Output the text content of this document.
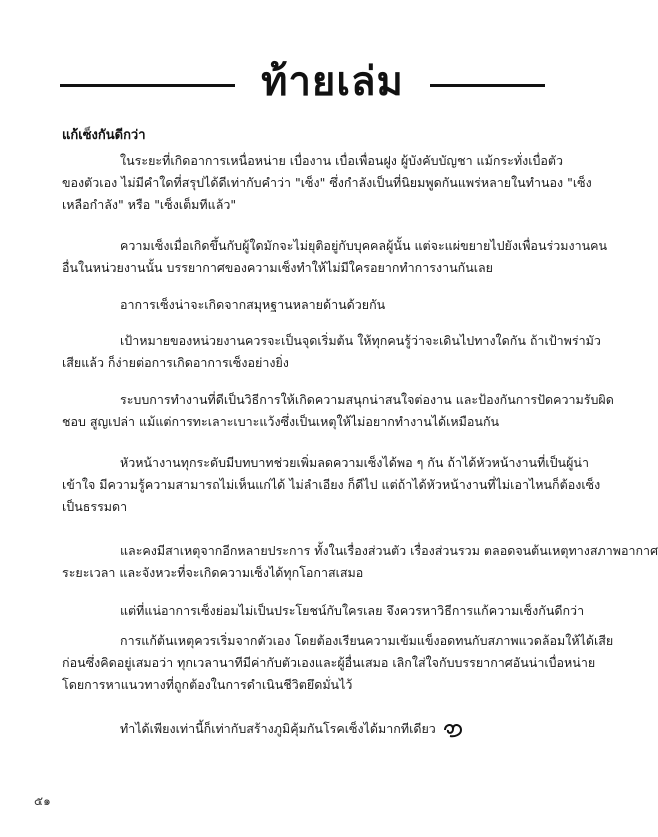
ท้ายเล่ม
แก้เซ็งกันดีกว่า
ในระยะที่เกิดอาการเหนื่อหน่าย เบื่องาน เบื่อเพื่อนฝูง ผู้บังคับบัญชา แม้กระทั่งเบื่อตัว
ของตัวเอง ไม่มีคำใดที่สรุปได้ดีเท่ากับคำว่า "เซ็ง" ซึ่งกำลังเป็นที่นิยมพูดกันแพร่หลายในทำนอง "เซ็ง
เหลือกำลัง" หรือ "เซ็งเต็มทีแล้ว"
ความเซ็งเมื่อเกิดขึ้นกับผู้ใดมักจะไม่ยุติอยู่กับบุคคลผู้นั้น แต่จะแผ่ขยายไปยังเพื่อนร่วมงานคน
อื่นในหน่วยงานนั้น บรรยากาศของความเซ็งทำให้ไม่มีใครอยากทำการงานกันเลย
อาการเซ็งน่าจะเกิดจากสมุหฐานหลายด้านด้วยกัน
เป้าหมายของหน่วยงานควรจะเป็นจุดเริ่มต้น ให้ทุกคนรู้ว่าจะเดินไปทางใดกัน ถ้าเป้าพร่ามัว
เสียแล้ว ก็ง่ายต่อการเกิดอาการเซ็งอย่างยิ่ง
ระบบการทำงานที่ดีเป็นวิธีการให้เกิดความสนุกน่าสนใจต่องาน และป้องกันการปัดความรับผิด
ชอบ สูญเปล่า แม้แต่การทะเลาะเบาะแว้งซึ่งเป็นเหตุให้ไม่อยากทำงานได้เหมือนกัน
หัวหน้างานทุกระดับมีบทบาทช่วยเพิ่มลดความเซ็งได้พอ ๆ กัน ถ้าได้หัวหน้างานที่เป็นผู้น่า
เข้าใจ มีความรู้ความสามารถไม่เห็นแก่ได้ ไม่ลำเอียง ก็ดีไป แต่ถ้าได้หัวหน้างานที่ไม่เอาไหนก็ต้องเซ็ง
เป็นธรรมดา
และคงมีสาเหตุจากอีกหลายประการ ทั้งในเรื่องส่วนตัว เรื่องส่วนรวม ตลอดจนต้นเหตุทางสภาพอากาศ
ระยะเวลา และจังหวะที่จะเกิดความเซ็งได้ทุกโอกาสเสมอ
แต่ที่แน่อาการเซ็งย่อมไม่เป็นประโยชน์กับใครเลย จึงควรหาวิธีการแก้ความเซ็งกันดีกว่า
การแก้ต้นเหตุควรเริ่มจากตัวเอง โดยต้องเรียนความเข้มแข็งอดทนกับสภาพแวดล้อมให้ได้เสีย
ก่อนซึ่งคิดอยู่เสมอว่า ทุกเวลานาทีมีค่ากับตัวเองและผู้อื่นเสมอ เลิกใส่ใจกับบรรยากาศอันน่าเบื่อหน่าย
โดยการหาแนวทางที่ถูกต้องในการดำเนินชีวิตยึดมั่นไว้
ทำได้เพียงเท่านี้ก็เท่ากับสร้างภูมิคุ้มกันโรคเซ็งได้มากทีเดียว
๕๑
